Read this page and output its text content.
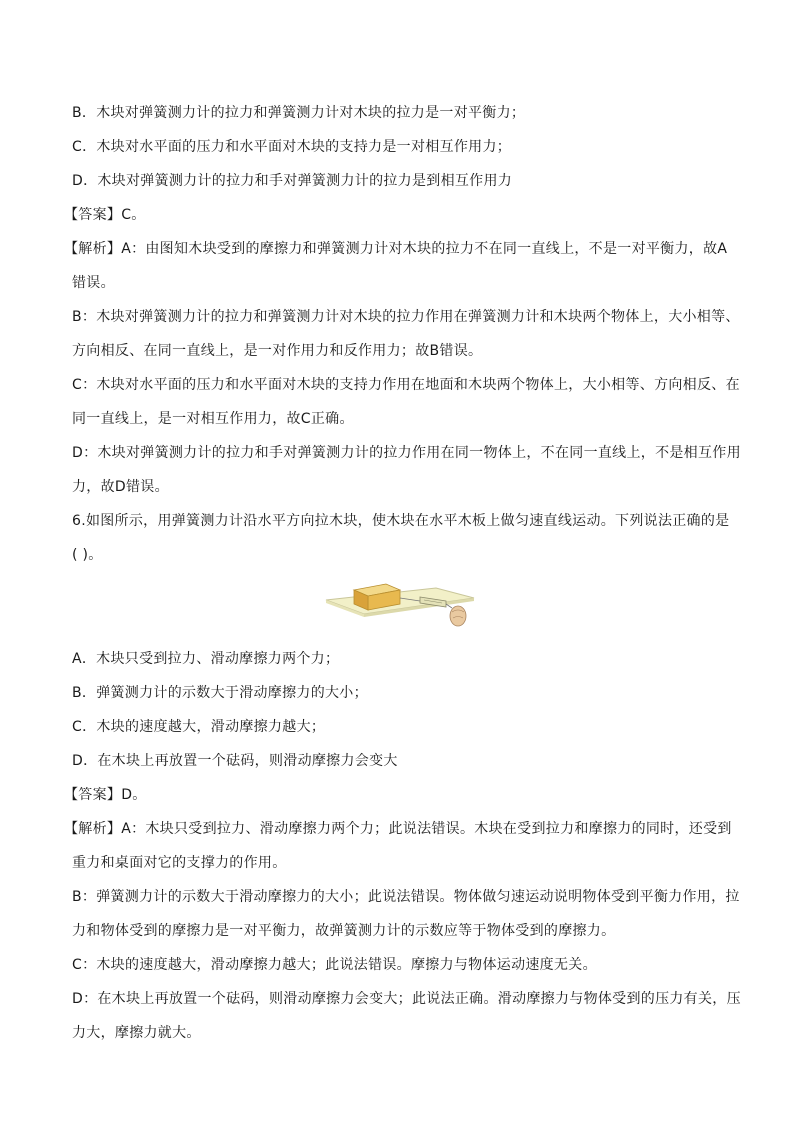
B．木块对弹簧测力计的拉力和弹簧测力计对木块的拉力是一对平衡力；
C．木块对水平面的压力和水平面对木块的支持力是一对相互作用力；
D．木块对弹簧测力计的拉力和手对弹簧测力计的拉力是到相互作用力
【答案】C。
【解析】A：由图知木块受到的摩擦力和弹簧测力计对木块的拉力不在同一直线上，不是一对平衡力，故A
错误。
B：木块对弹簧测力计的拉力和弹簧测力计对木块的拉力作用在弹簧测力计和木块两个物体上，大小相等、
方向相反、在同一直线上，是一对作用力和反作用力；故B错误。
C：木块对水平面的压力和水平面对木块的支持力作用在地面和木块两个物体上，大小相等、方向相反、在
同一直线上，是一对相互作用力，故C正确。
D：木块对弹簧测力计的拉力和手对弹簧测力计的拉力作用在同一物体上，不在同一直线上，不是相互作用
力，故D错误。
6.如图所示，用弹簧测力计沿水平方向拉木块，使木块在水平木板上做匀速直线运动。下列说法正确的是
( )。
A．木块只受到拉力、滑动摩擦力两个力；
B．弹簧测力计的示数大于滑动摩擦力的大小；
C．木块的速度越大，滑动摩擦力越大；
D．在木块上再放置一个砝码，则滑动摩擦力会变大
【答案】D。
【解析】A：木块只受到拉力、滑动摩擦力两个力；此说法错误。木块在受到拉力和摩擦力的同时，还受到
重力和桌面对它的支撑力的作用。
B：弹簧测力计的示数大于滑动摩擦力的大小；此说法错误。物体做匀速运动说明物体受到平衡力作用，拉
力和物体受到的摩擦力是一对平衡力，故弹簧测力计的示数应等于物体受到的摩擦力。
C：木块的速度越大，滑动摩擦力越大；此说法错误。摩擦力与物体运动速度无关。
D：在木块上再放置一个砝码，则滑动摩擦力会变大；此说法正确。滑动摩擦力与物体受到的压力有关，压
力大，摩擦力就大。
